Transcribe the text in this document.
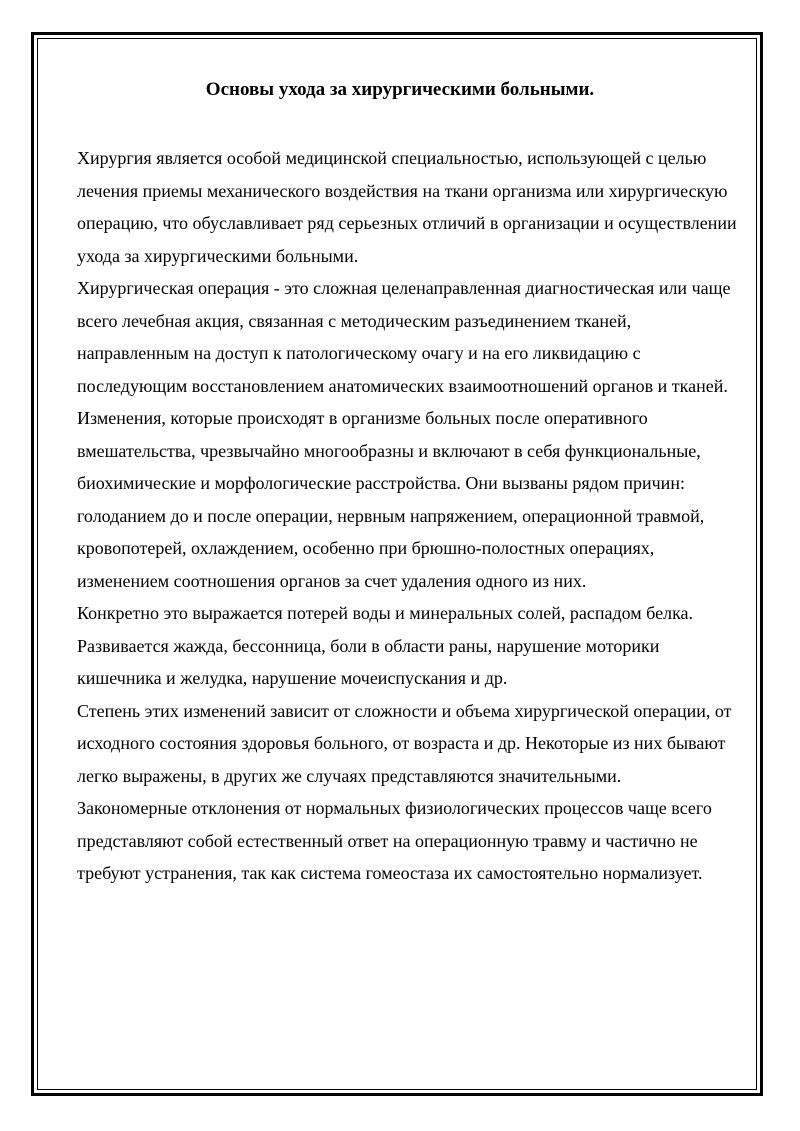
Основы ухода за хирургическими больными.

Хирургия является особой медицинской специальностью, использующей с целью лечения приемы механического воздействия на ткани организма или хирургическую операцию, что обуславливает ряд серьезных отличий в организации и осуществлении ухода за хирургическими больными.

Хирургическая операция - это сложная целенаправленная диагностическая или чаще всего лечебная акция, связанная с методическим разъединением тканей, направленным на доступ к патологическому очагу и на его ликвидацию с последующим восстановлением анатомических взаимоотношений органов и тканей.

Изменения, которые происходят в организме больных после оперативного вмешательства, чрезвычайно многообразны и включают в себя функциональные, биохимические и морфологические расстройства. Они вызваны рядом причин: голоданием до и после операции, нервным напряжением, операционной травмой, кровопотерей, охлаждением, особенно при брюшно-полостных операциях, изменением соотношения органов за счет удаления одного из них.

Конкретно это выражается потерей воды и минеральных солей, распадом белка. Развивается жажда, бессонница, боли в области раны, нарушение моторики кишечника и желудка, нарушение мочеиспускания и др.

Степень этих изменений зависит от сложности и объема хирургической операции, от исходного состояния здоровья больного, от возраста и др. Некоторые из них бывают легко выражены, в других же случаях представляются значительными.

Закономерные отклонения от нормальных физиологических процессов чаще всего представляют собой естественный ответ на операционную травму и частично не требуют устранения, так как система гомеостаза их самостоятельно нормализует.
